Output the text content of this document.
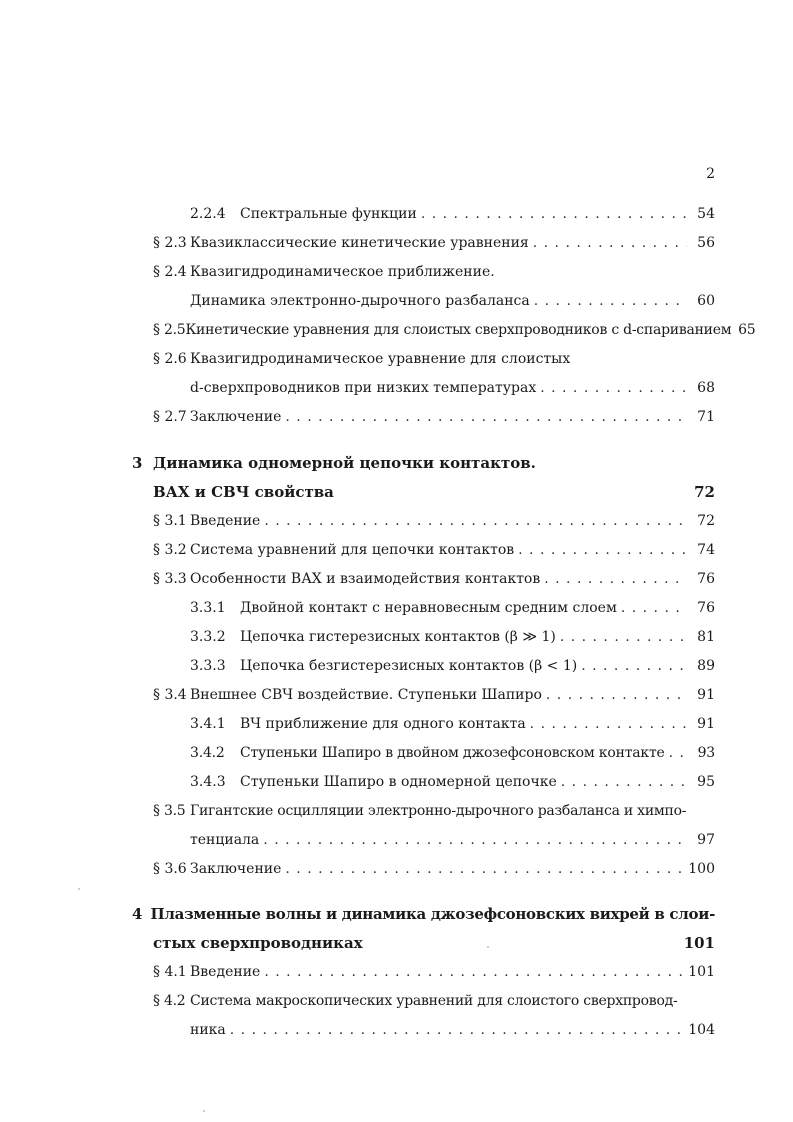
2
2.2.4	Спектральные функции . . .	54
§ 2.3 Квазиклассические кинетические уравнения . . .	56
§ 2.4 Квазигидродинамическое приближение.
Динамика электронно-дырочного разбаланса . . .	60
§ 2.5 Кинетические уравнения для слоистых сверхпроводников с d-спариванием 65
§ 2.6 Квазигидродинамическое уравнение для слоистых
d-сверхпроводников при низких температурах . . .	68
§ 2.7 Заключение . . .	71
3 Динамика одномерной цепочки контактов.
ВАХ и СВЧ свойства	72
§ 3.1 Введение . . .	72
§ 3.2 Система уравнений для цепочки контактов . . .	74
§ 3.3 Особенности ВАХ и взаимодействия контактов . . .	76
3.3.1	Двойной контакт с неравновесным средним слоем . . .	76
3.3.2	Цепочка гистерезисных контактов (β ≫ 1) . . .	81
3.3.3	Цепочка безгистерезисных контактов (β < 1) . . .	89
§ 3.4 Внешнее СВЧ воздействие. Ступеньки Шапиро . . .	91
3.4.1	ВЧ приближение для одного контакта . . .	91
3.4.2	Ступеньки Шапиро в двойном джозефсоновском контакте . . .	93
3.4.3	Ступеньки Шапиро в одномерной цепочке . . .	95
§ 3.5 Гигантские осцилляции электронно-дырочного разбаланса и химпо-
тенциала . . .	97
§ 3.6 Заключение . . .	100
4 Плазменные волны и динамика джозефсоновских вихрей в слои-
стых сверхпроводниках	101
§ 4.1 Введение . . .	101
§ 4.2 Система макроскопических уравнений для слоистого сверхпровод-
ника . . .	104
